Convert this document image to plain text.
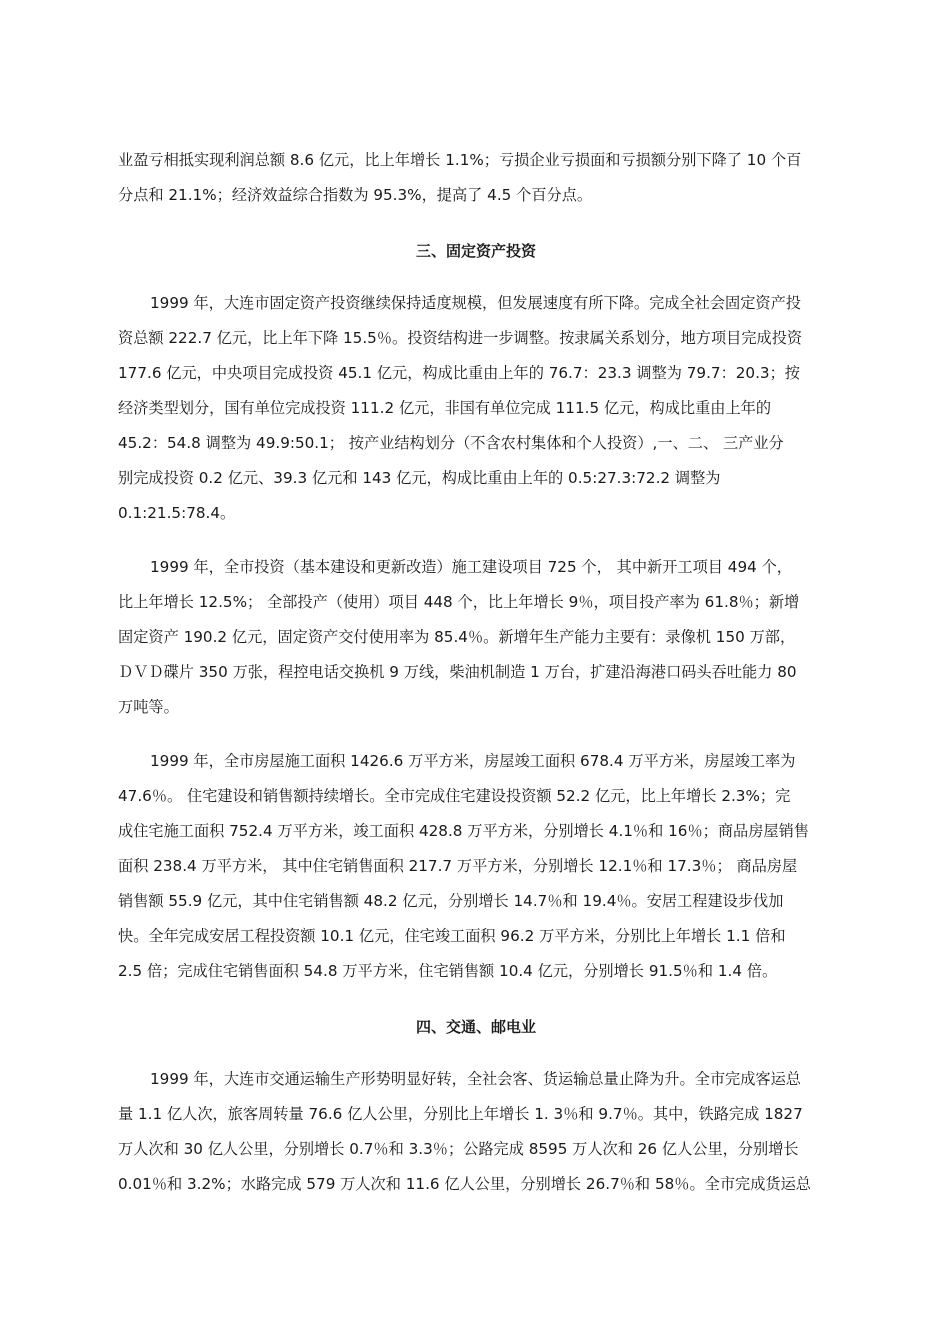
业盈亏相抵实现利润总额 8.6 亿元，比上年增长 1.1%；亏损企业亏损面和亏损额分别下降了 10 个百
分点和 21.1%；经济效益综合指数为 95.3%，提高了 4.5 个百分点。
三、固定资产投资
1999 年，大连市固定资产投资继续保持适度规模，但发展速度有所下降。完成全社会固定资产投
资总额 222.7 亿元，比上年下降 15.5％。投资结构进一步调整。按隶属关系划分，地方项目完成投资
177.6 亿元，中央项目完成投资 45.1 亿元，构成比重由上年的 76.7：23.3 调整为 79.7：20.3；按
经济类型划分，国有单位完成投资 111.2 亿元，非国有单位完成 111.5 亿元，构成比重由上年的
45.2：54.8 调整为 49.9:50.1； 按产业结构划分（不含农村集体和个人投资）,一、二、 三产业分
别完成投资 0.2 亿元、39.3 亿元和 143 亿元，构成比重由上年的 0.5:27.3:72.2 调整为
0.1:21.5:78.4。
1999 年，全市投资（基本建设和更新改造）施工建设项目 725 个， 其中新开工项目 494 个，
比上年增长 12.5%； 全部投产（使用）项目 448 个，比上年增长 9％，项目投产率为 61.8％；新增
固定资产 190.2 亿元，固定资产交付使用率为 85.4％。新增年生产能力主要有：录像机 150 万部，
ＤＶＤ碟片 350 万张，程控电话交换机 9 万线，柴油机制造 1 万台，扩建沿海港口码头吞吐能力 80
万吨等。
1999 年，全市房屋施工面积 1426.6 万平方米，房屋竣工面积 678.4 万平方米，房屋竣工率为
47.6％。 住宅建设和销售额持续增长。全市完成住宅建设投资额 52.2 亿元，比上年增长 2.3%；完
成住宅施工面积 752.4 万平方米，竣工面积 428.8 万平方米，分别增长 4.1％和 16％；商品房屋销售
面积 238.4 万平方米， 其中住宅销售面积 217.7 万平方米，分别增长 12.1％和 17.3％； 商品房屋
销售额 55.9 亿元，其中住宅销售额 48.2 亿元，分别增长 14.7％和 19.4％。安居工程建设步伐加
快。全年完成安居工程投资额 10.1 亿元，住宅竣工面积 96.2 万平方米，分别比上年增长 1.1 倍和
2.5 倍；完成住宅销售面积 54.8 万平方米，住宅销售额 10.4 亿元，分别增长 91.5％和 1.4 倍。
四、交通、邮电业
1999 年，大连市交通运输生产形势明显好转，全社会客、货运输总量止降为升。全市完成客运总
量 1.1 亿人次，旅客周转量 76.6 亿人公里，分别比上年增长 1. 3％和 9.7％。其中，铁路完成 1827
万人次和 30 亿人公里，分别增长 0.7％和 3.3％；公路完成 8595 万人次和 26 亿人公里，分别增长
0.01％和 3.2%；水路完成 579 万人次和 11.6 亿人公里，分别增长 26.7％和 58％。全市完成货运总
